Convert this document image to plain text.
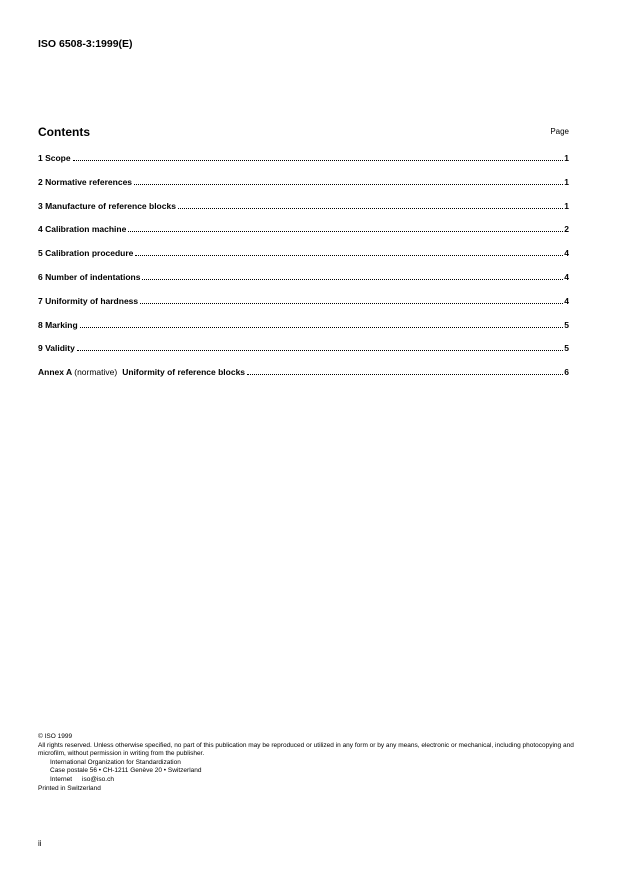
ISO 6508-3:1999(E)
Contents	Page
1 Scope	1
2 Normative references	1
3 Manufacture of reference blocks	1
4 Calibration machine	2
5 Calibration procedure	4
6 Number of indentations	4
7 Uniformity of hardness	4
8 Marking	5
9 Validity	5
Annex A (normative) Uniformity of reference blocks	6
© ISO 1999
All rights reserved. Unless otherwise specified, no part of this publication may be reproduced or utilized in any form or by any means, electronic or mechanical, including photocopying and microfilm, without permission in writing from the publisher.
International Organization for Standardization
Case postale 56 • CH-1211 Genève 20 • Switzerland
Internet iso@iso.ch
Printed in Switzerland
ii
